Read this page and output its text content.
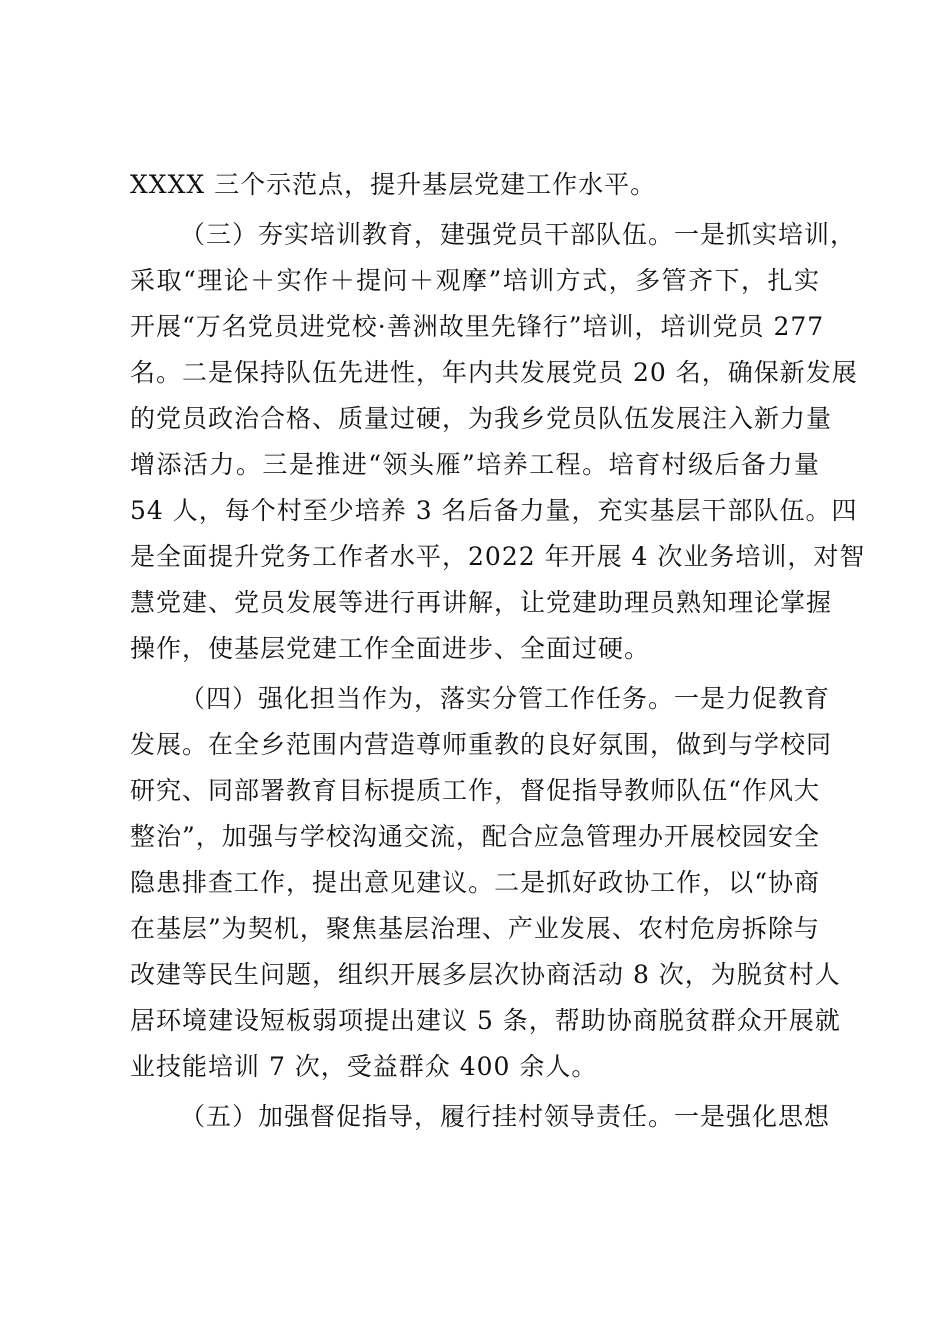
XXXX 三个示范点，提升基层党建工作水平。
（三）夯实培训教育，建强党员干部队伍。一是抓实培训，
采取“理论＋实作＋提问＋观摩”培训方式，多管齐下，扎实
开展“万名党员进党校·善洲故里先锋行”培训，培训党员 277
名。二是保持队伍先进性，年内共发展党员 20 名，确保新发展
的党员政治合格、质量过硬，为我乡党员队伍发展注入新力量
增添活力。三是推进“领头雁”培养工程。培育村级后备力量
54 人，每个村至少培养 3 名后备力量，充实基层干部队伍。四
是全面提升党务工作者水平，2022 年开展 4 次业务培训，对智
慧党建、党员发展等进行再讲解，让党建助理员熟知理论掌握
操作，使基层党建工作全面进步、全面过硬。
（四）强化担当作为，落实分管工作任务。一是力促教育
发展。在全乡范围内营造尊师重教的良好氛围，做到与学校同
研究、同部署教育目标提质工作，督促指导教师队伍“作风大
整治”，加强与学校沟通交流，配合应急管理办开展校园安全
隐患排查工作，提出意见建议。二是抓好政协工作，以“协商
在基层”为契机，聚焦基层治理、产业发展、农村危房拆除与
改建等民生问题，组织开展多层次协商活动 8 次，为脱贫村人
居环境建设短板弱项提出建议 5 条，帮助协商脱贫群众开展就
业技能培训 7 次，受益群众 400 余人。
（五）加强督促指导，履行挂村领导责任。一是强化思想
